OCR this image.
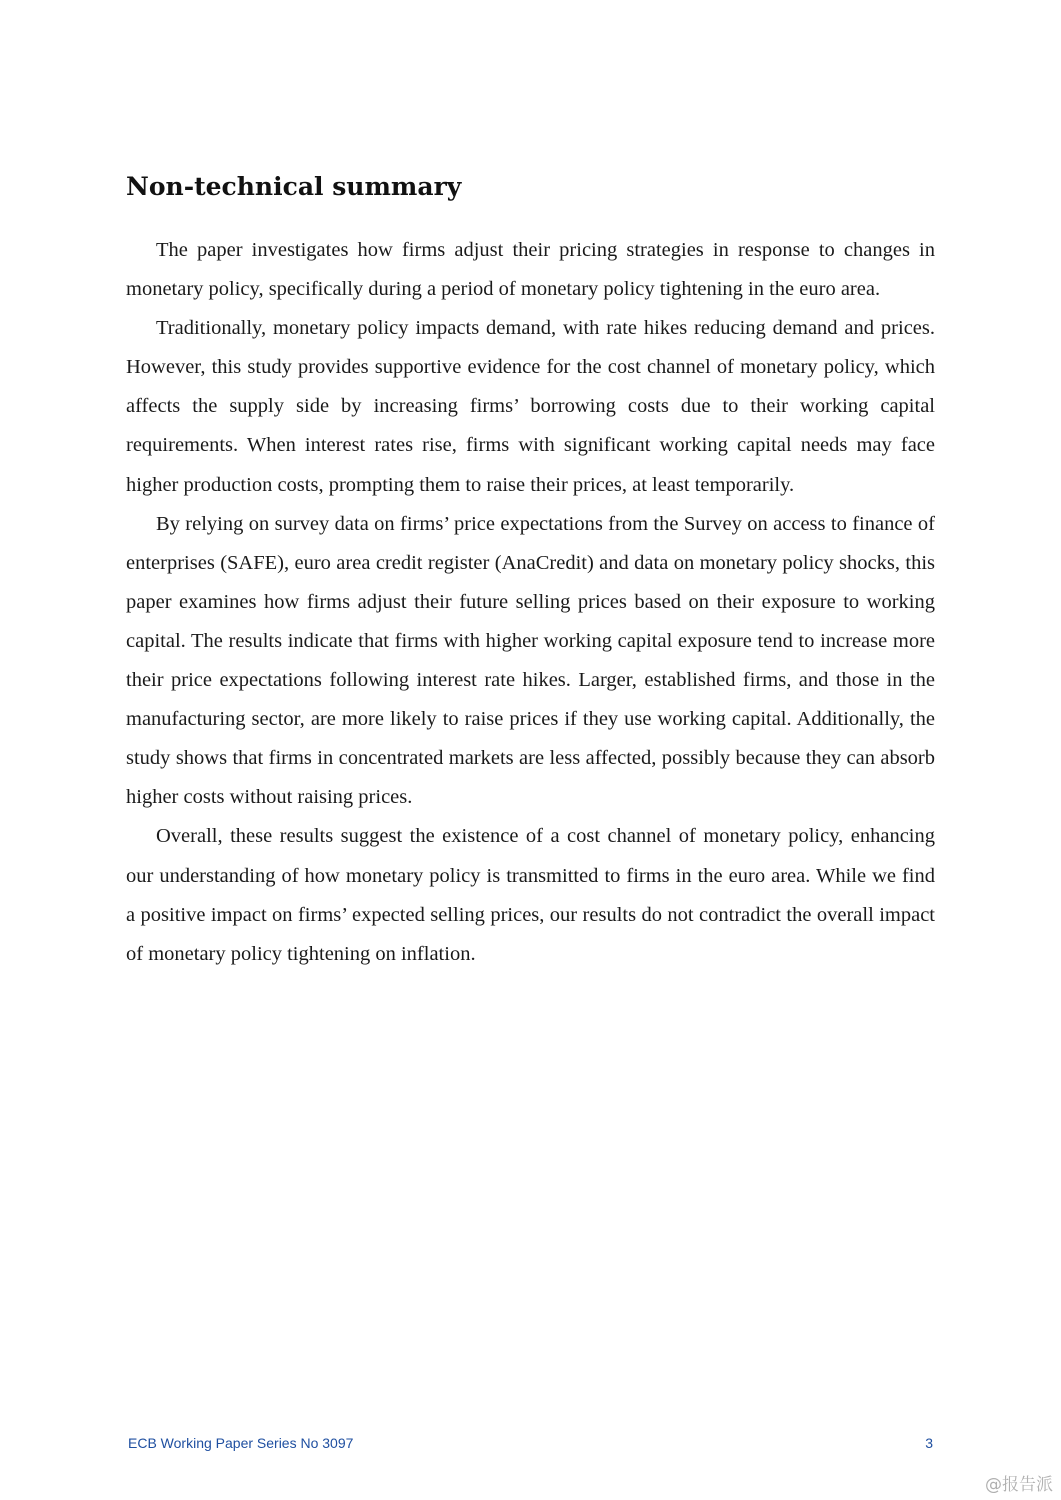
Non-technical summary

The paper investigates how firms adjust their pricing strategies in response to changes in monetary policy, specifically during a period of monetary policy tightening in the euro area.

Traditionally, monetary policy impacts demand, with rate hikes reducing demand and prices. However, this study provides supportive evidence for the cost channel of monetary policy, which affects the supply side by increasing firms’ borrowing costs due to their working capital requirements. When interest rates rise, firms with significant working capital needs may face higher production costs, prompting them to raise their prices, at least temporarily.

By relying on survey data on firms’ price expectations from the Survey on access to finance of enterprises (SAFE), euro area credit register (AnaCredit) and data on monetary policy shocks, this paper examines how firms adjust their future selling prices based on their exposure to working capital. The results indicate that firms with higher working capital exposure tend to increase more their price expectations following interest rate hikes. Larger, established firms, and those in the manufacturing sector, are more likely to raise prices if they use working capital. Additionally, the study shows that firms in concentrated markets are less affected, possibly because they can absorb higher costs without raising prices.

Overall, these results suggest the existence of a cost channel of monetary policy, enhancing our understanding of how monetary policy is transmitted to firms in the euro area. While we find a positive impact on firms’ expected selling prices, our results do not contradict the overall impact of monetary policy tightening on inflation.

ECB Working Paper Series No 3097	3
@报告派
